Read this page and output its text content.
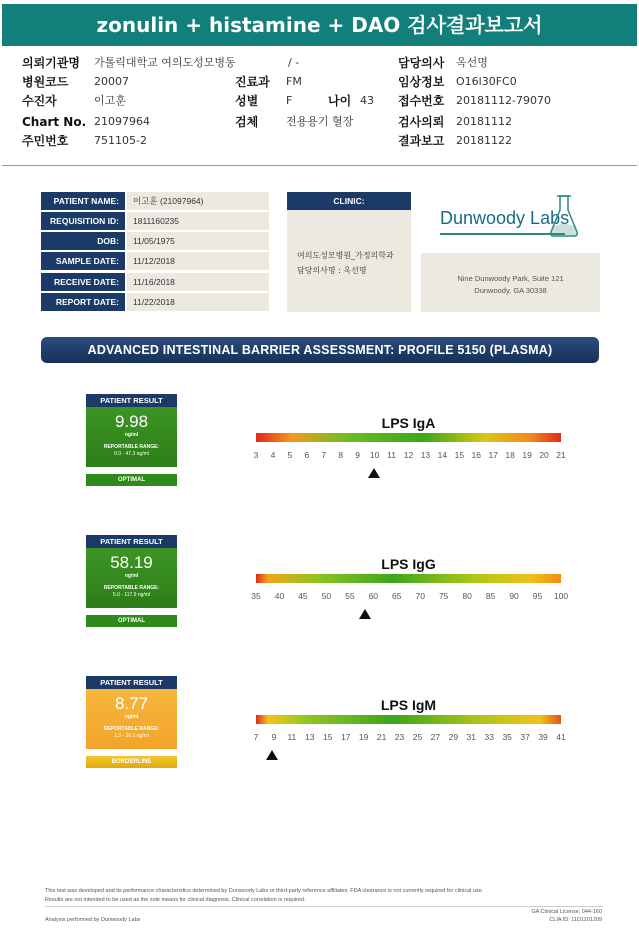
zonulin + histamine + DAO 검사결과보고서
의뢰기관명 가톨릭대학교 여의도성모병동	/ -	담당의사 옥선명
병원코드 20007	진료과 FM	임상정보 O16l30FC0
수진자	이고훈	성별	F	나이 43 접수번호 20181112-79070
Chart No. 21097964	검체	전용용기 혈장	검사의뢰 20181112
주민번호 751105-2	결과보고 20181122
PATIENT NAME:	이고훈 (21097964)
REQUISITION ID:	1811160235
DOB:	11/05/1975
SAMPLE DATE:	11/12/2018
RECEIVE DATE:	11/16/2018
REPORT DATE:	11/22/2018
CLINIC:
여의도성모병원_가정의학과
담당의사명 : 옥선명
Dunwoody Labs
Nine Dunwoody Park, Suite 121
Dunwoody, GA 30338
ADVANCED INTESTINAL BARRIER ASSESSMENT: PROFILE 5150 (PLASMA)
PATIENT RESULT
9.98
ng/ml
REPORTABLE RANGE:
0.0 - 47.3 ng/ml
OPTIMAL
LPS IgA
3 4 5 6 7 8 9 10 11 12 13 14 15 16 17 18 19 20 21
PATIENT RESULT
58.19
ng/ml
REPORTABLE RANGE:
5.0 - 117.9 ng/ml
OPTIMAL
LPS IgG
35 40 45 50 55 60 65 70 75 80 85 90 95 100
PATIENT RESULT
8.77
ng/ml
REPORTABLE RANGE:
1.3 - 36.1 ng/ml
BORDERLINE
LPS IgM
7 9 11 13 15 17 19 21 23 25 27 29 31 33 35 37 39 41
This test was developed and its performance characteristics determined by Dunwoody Labs or third-party reference affiliates. FDA clearance is not currently required for clinical use.
Results are not intended to be used as the sole means for clinical diagnosis. Clinical correlation is required.
Analysis performed by Dunwoody Labs
GA Clinical License: 044-160
CLIA ID: 11D1101209
